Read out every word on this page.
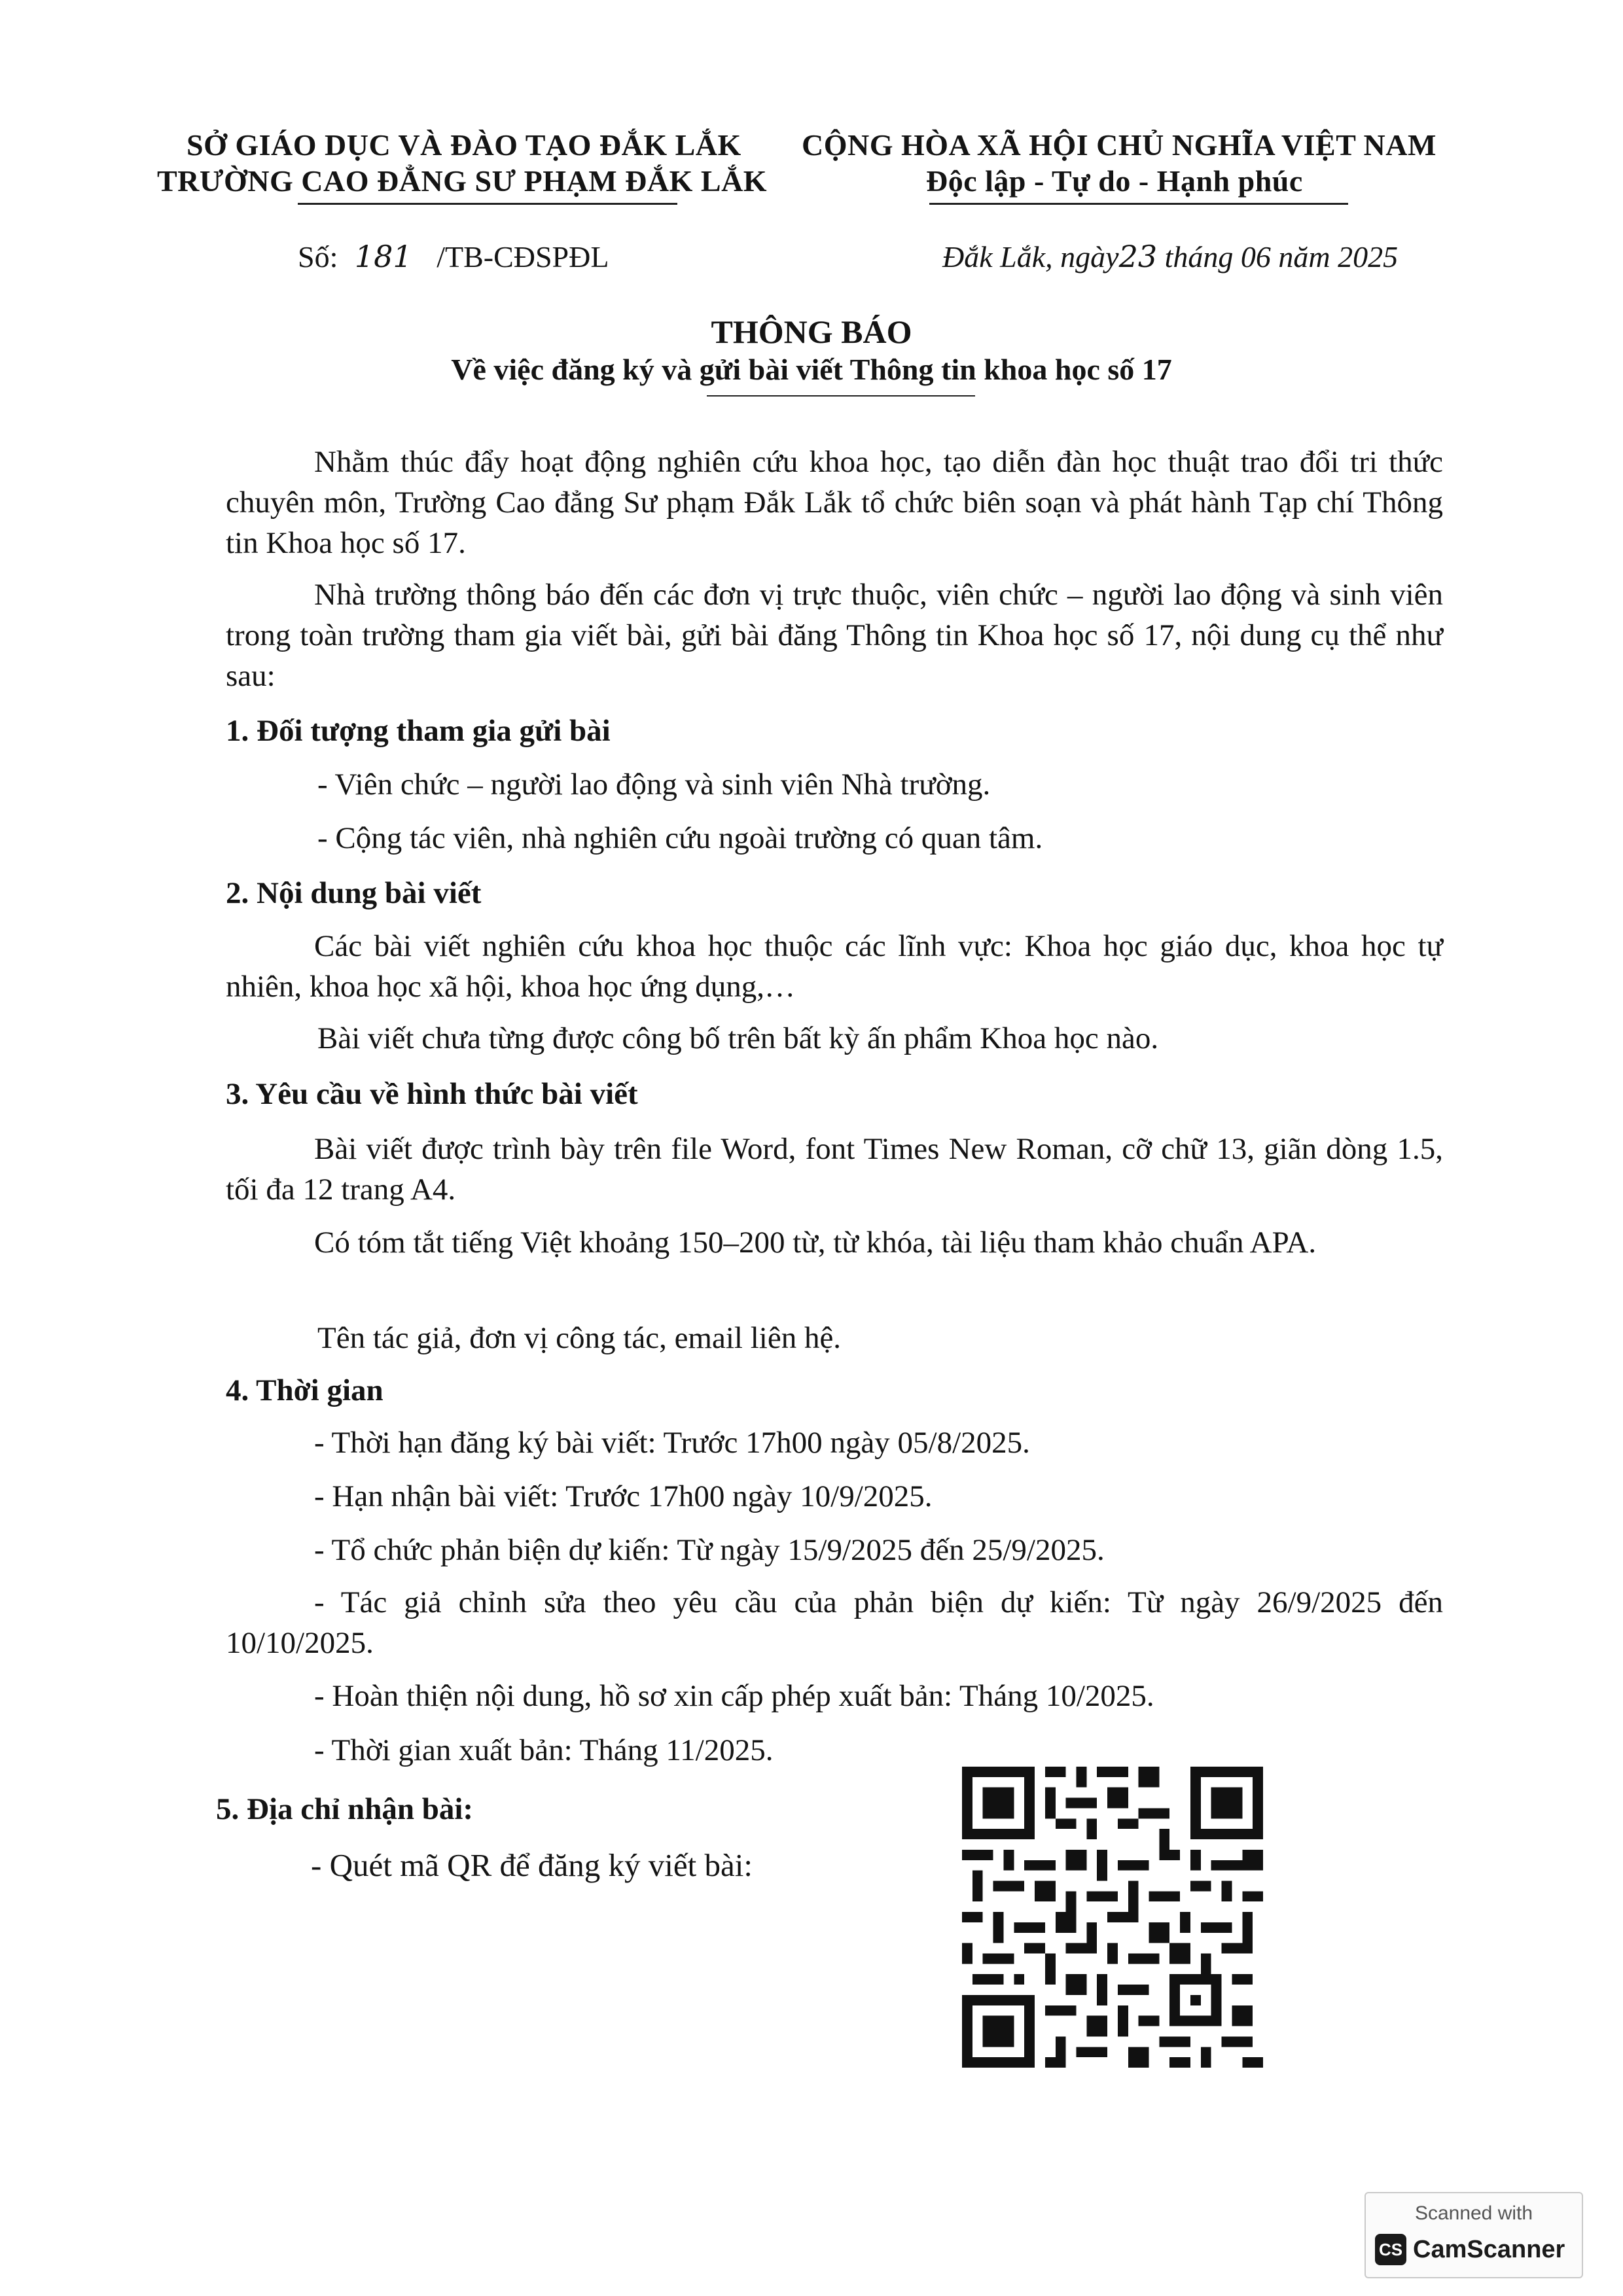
SỞ GIÁO DỤC VÀ ĐÀO TẠO ĐẮK LẮK
TRƯỜNG CAO ĐẲNG SƯ PHẠM ĐẮK LẮK
CỘNG HÒA XÃ HỘI CHỦ NGHĨA VIỆT NAM
Độc lập - Tự do - Hạnh phúc
Số: 181 /TB-CĐSPĐL	Đắk Lắk, ngày23 tháng 06 năm 2025
THÔNG BÁO
Về việc đăng ký và gửi bài viết Thông tin khoa học số 17
Nhằm thúc đẩy hoạt động nghiên cứu khoa học, tạo diễn đàn học thuật trao đổi tri thức chuyên môn, Trường Cao đẳng Sư phạm Đắk Lắk tổ chức biên soạn và phát hành Tạp chí Thông tin Khoa học số 17.
Nhà trường thông báo đến các đơn vị trực thuộc, viên chức – người lao động và sinh viên trong toàn trường tham gia viết bài, gửi bài đăng Thông tin Khoa học số 17, nội dung cụ thể như sau:
1. Đối tượng tham gia gửi bài
- Viên chức – người lao động và sinh viên Nhà trường.
- Cộng tác viên, nhà nghiên cứu ngoài trường có quan tâm.
2. Nội dung bài viết
Các bài viết nghiên cứu khoa học thuộc các lĩnh vực: Khoa học giáo dục, khoa học tự nhiên, khoa học xã hội, khoa học ứng dụng,…
Bài viết chưa từng được công bố trên bất kỳ ấn phẩm Khoa học nào.
3. Yêu cầu về hình thức bài viết
Bài viết được trình bày trên file Word, font Times New Roman, cỡ chữ 13, giãn dòng 1.5, tối đa 12 trang A4.
Có tóm tắt tiếng Việt khoảng 150–200 từ, từ khóa, tài liệu tham khảo chuẩn APA.
Tên tác giả, đơn vị công tác, email liên hệ.
4. Thời gian
- Thời hạn đăng ký bài viết: Trước 17h00 ngày 05/8/2025.
- Hạn nhận bài viết: Trước 17h00 ngày 10/9/2025.
- Tổ chức phản biện dự kiến: Từ ngày 15/9/2025 đến 25/9/2025.
- Tác giả chỉnh sửa theo yêu cầu của phản biện dự kiến: Từ ngày 26/9/2025 đến 10/10/2025.
- Hoàn thiện nội dung, hồ sơ xin cấp phép xuất bản: Tháng 10/2025.
- Thời gian xuất bản: Tháng 11/2025.
5. Địa chỉ nhận bài:
- Quét mã QR để đăng ký viết bài:
Scanned with
CS CamScanner
